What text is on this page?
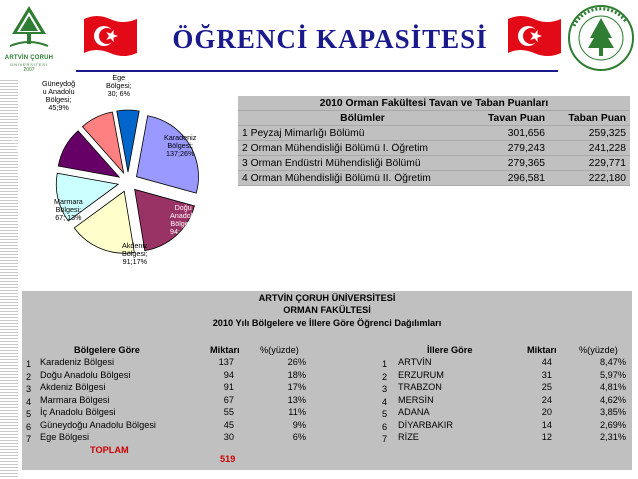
ARTVİN ÇORUH
ÜNİVERSİTESİ
2007
ÖĞRENCİ KAPASİTESİ
Karadeniz
Bölgesi;
137;26%
Doğu
Anadolu
Bölgesi;
94; 18%
Akdeniz
Bölgesi;
91;17%
Marmara
Bölgesi;
67; 13%
İç Anadolu
Bölgesi;
55; 11%
Güneydoğ
u Anadolu
Bölgesi;
45;9%
Ege
Bölgesi;
30; 6%
2010 Orman Fakültesi Tavan ve Taban Puanları
Bölümler	Tavan Puan	Taban Puan
1 Peyzaj Mimarlığı Bölümü	301,656	259,325
2 Orman Mühendisliği Bölümü I. Öğretim	279,243	241,228
3 Orman Endüstri Mühendisliği Bölümü	279,365	229,771
4 Orman Mühendisliği Bölümü II. Öğretim	296,581	222,180
ARTVİN ÇORUH ÜNİVERSİTESİ
ORMAN FAKÜLTESİ
2010 Yılı Bölgelere ve İllere Göre Öğrenci Dağılımları
Bölgelere Göre	Miktarı %(yüzde)	İllere Göre	Miktarı %(yüzde)
1 Karadeniz Bölgesi	137	26%
2 Doğu Anadolu Bölgesi	94	18%
3 Akdeniz Bölgesi	91	17%
4 Marmara Bölgesi	67	13%
5 İç Anadolu Bölgesi	55	11%
6 Güneydoğu Anadolu Bölgesi	45	9%
7 Ege Bölgesi	30	6%
1 ARTVİN	44	8,47%
2 ERZURUM	31	5,97%
3 TRABZON	25	4,81%
4 MERSİN	24	4,62%
5 ADANA	20	3,85%
6 DİYARBAKIR	14	2,69%
7 RİZE	12	2,31%
TOPLAM
519
